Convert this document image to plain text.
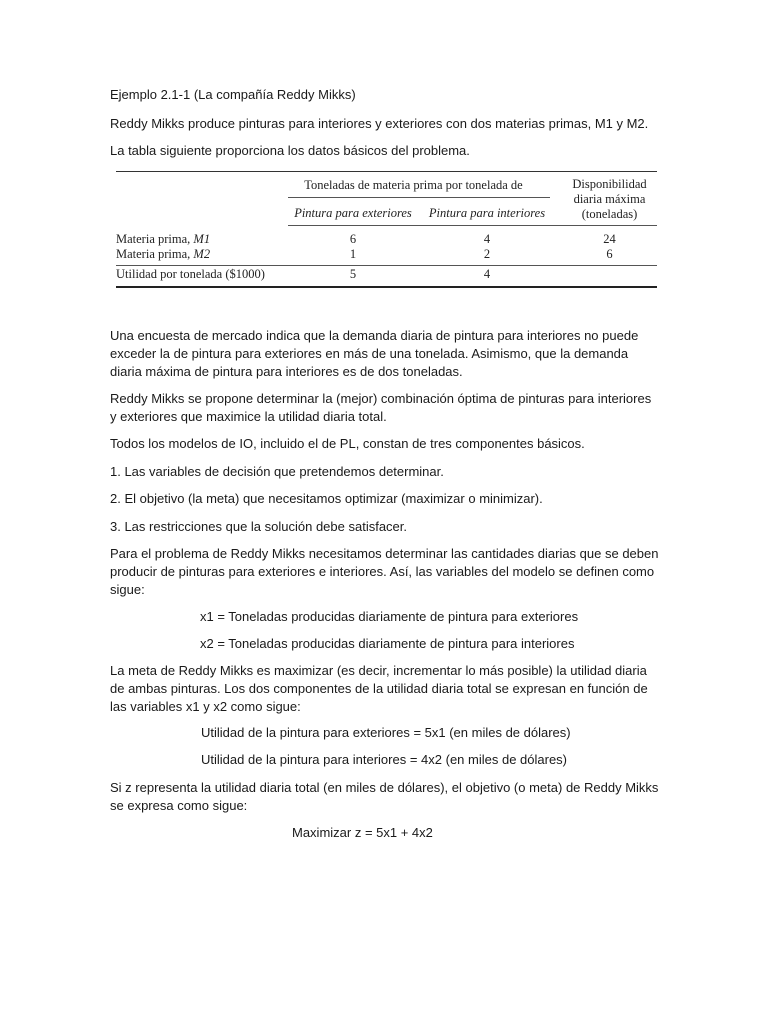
Ejemplo 2.1-1 (La compañía Reddy Mikks)

Reddy Mikks produce pinturas para interiores y exteriores con dos materias primas, M1 y M2.

La tabla siguiente proporciona los datos básicos del problema.

Toneladas de materia prima por tonelada de	Disponibilidad
diaria máxima
(toneladas)
Pintura para exteriores	Pintura para interiores
Materia prima, M1	6	4	24
Materia prima, M2	1	2	6
Utilidad por tonelada ($1000)	5	4

Una encuesta de mercado indica que la demanda diaria de pintura para interiores no puede

exceder la de pintura para exteriores en más de una tonelada. Asimismo, que la demanda

diaria máxima de pintura para interiores es de dos toneladas.

Reddy Mikks se propone determinar la (mejor) combinación óptima de pinturas para interiores

y exteriores que maximice la utilidad diaria total.

Todos los modelos de IO, incluido el de PL, constan de tres componentes básicos.

1. Las variables de decisión que pretendemos determinar.

2. El objetivo (la meta) que necesitamos optimizar (maximizar o minimizar).

3. Las restricciones que la solución debe satisfacer.

Para el problema de Reddy Mikks necesitamos determinar las cantidades diarias que se deben

producir de pinturas para exteriores e interiores. Así, las variables del modelo se definen como

sigue:

x1 = Toneladas producidas diariamente de pintura para exteriores

x2 = Toneladas producidas diariamente de pintura para interiores

La meta de Reddy Mikks es maximizar (es decir, incrementar lo más posible) la utilidad diaria

de ambas pinturas. Los dos componentes de la utilidad diaria total se expresan en función de

las variables x1 y x2 como sigue:

Utilidad de la pintura para exteriores = 5x1 (en miles de dólares)

Utilidad de la pintura para interiores = 4x2 (en miles de dólares)

Si z representa la utilidad diaria total (en miles de dólares), el objetivo (o meta) de Reddy Mikks

se expresa como sigue:

Maximizar z = 5x1 + 4x2
